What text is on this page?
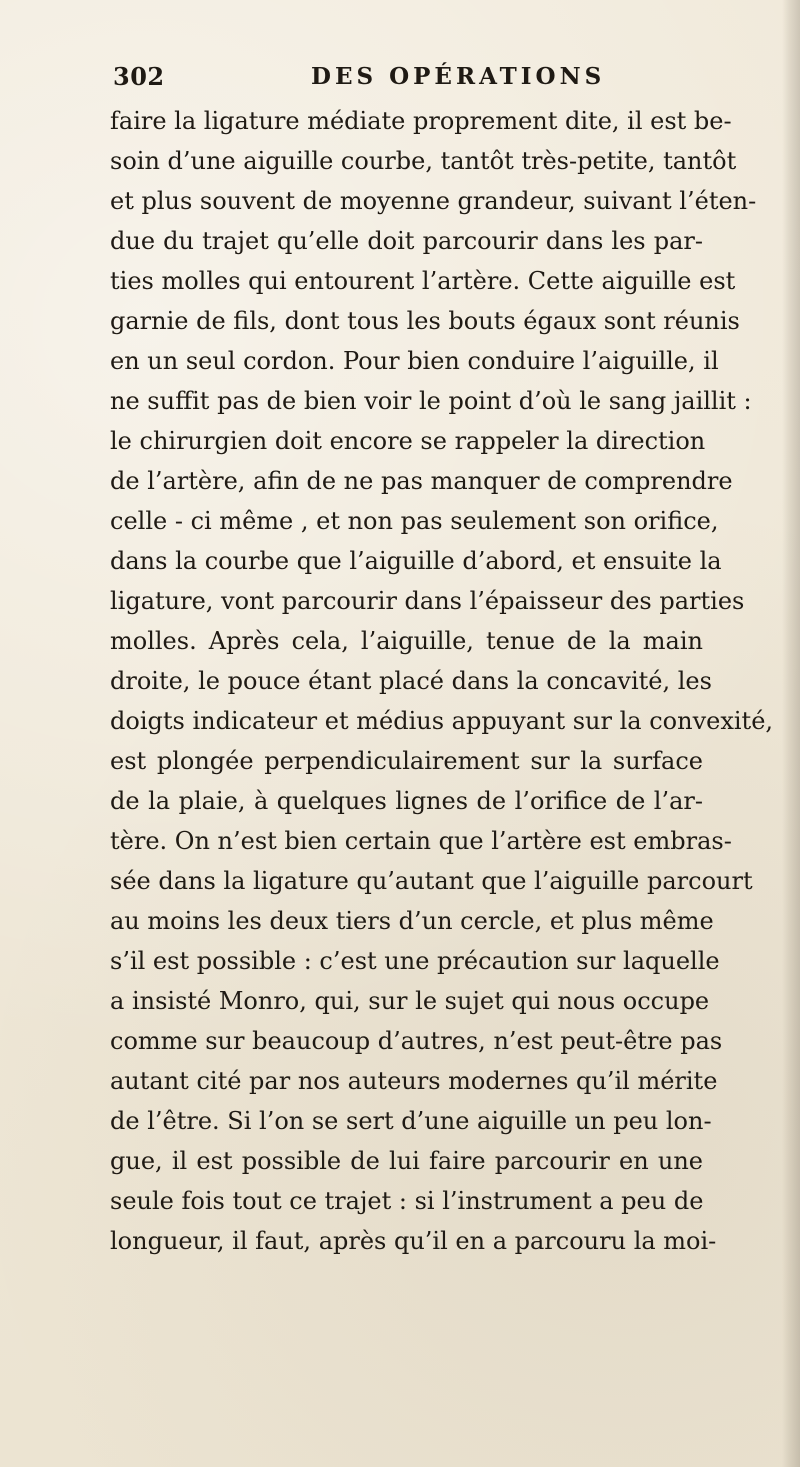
302	DES OPÉRATIONS
faire la ligature médiate proprement dite, il est be-
soin d’une aiguille courbe, tantôt très-petite, tantôt
et plus souvent de moyenne grandeur, suivant l’éten-
due du trajet qu’elle doit parcourir dans les par-
ties molles qui entourent l’artère. Cette aiguille est
garnie de fils, dont tous les bouts égaux sont réunis
en un seul cordon. Pour bien conduire l’aiguille, il
ne suffit pas de bien voir le point d’où le sang jaillit :
le chirurgien doit encore se rappeler la direction
de l’artère, afin de ne pas manquer de comprendre
celle - ci même , et non pas seulement son orifice,
dans la courbe que l’aiguille d’abord, et ensuite la
ligature, vont parcourir dans l’épaisseur des parties
molles. Après cela, l’aiguille, tenue de la main
droite, le pouce étant placé dans la concavité, les
doigts indicateur et médius appuyant sur la convexité,
est plongée perpendiculairement sur la surface
de la plaie, à quelques lignes de l’orifice de l’ar-
tère. On n’est bien certain que l’artère est embras-
sée dans la ligature qu’autant que l’aiguille parcourt
au moins les deux tiers d’un cercle, et plus même
s’il est possible : c’est une précaution sur laquelle
a insisté Monro, qui, sur le sujet qui nous occupe
comme sur beaucoup d’autres, n’est peut-être pas
autant cité par nos auteurs modernes qu’il mérite
de l’être. Si l’on se sert d’une aiguille un peu lon-
gue, il est possible de lui faire parcourir en une
seule fois tout ce trajet : si l’instrument a peu de
longueur, il faut, après qu’il en a parcouru la moi-
